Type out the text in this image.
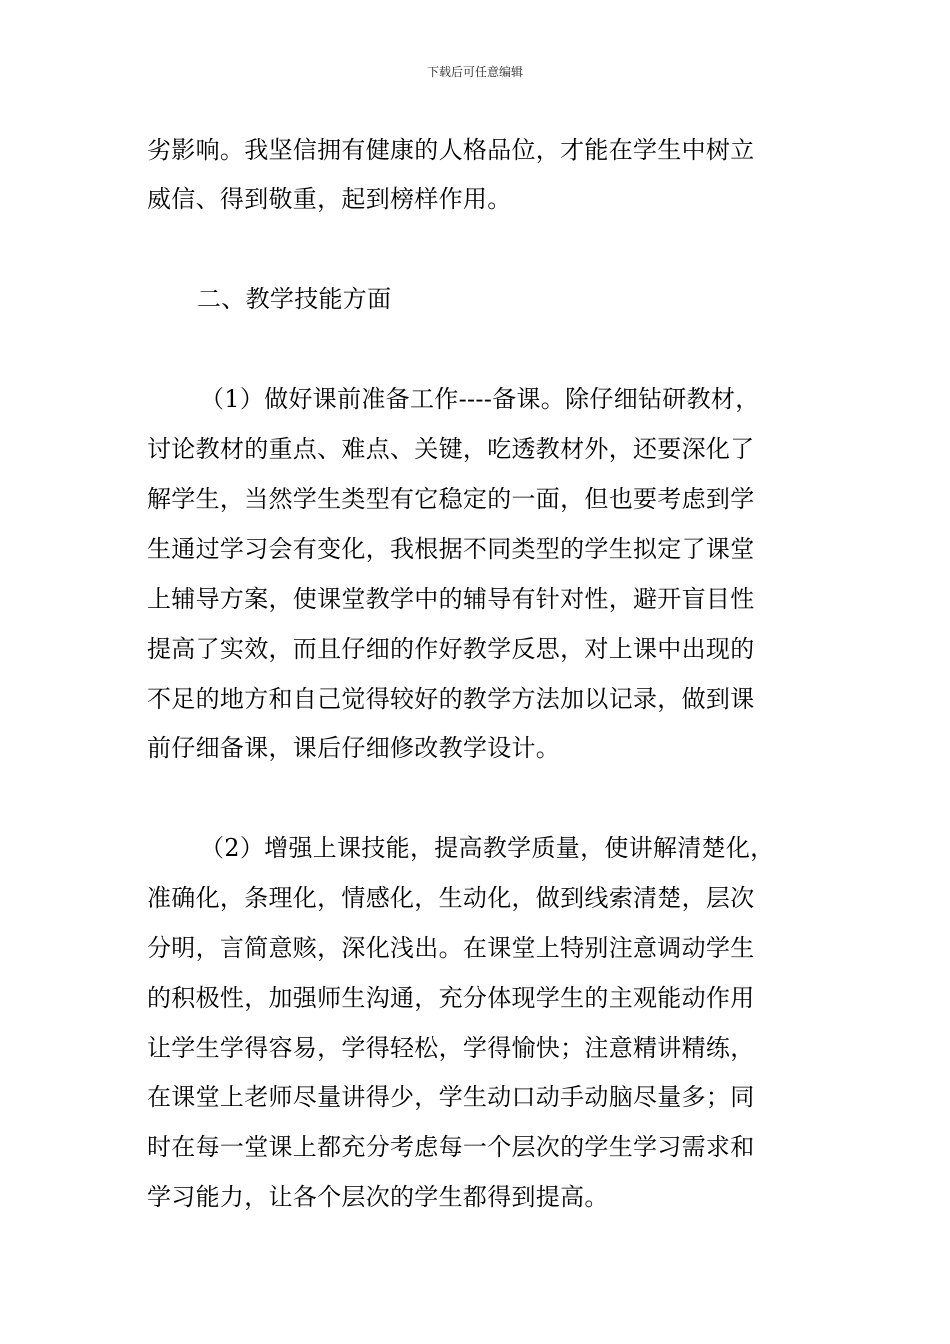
下载后可任意编辑
劣影响。我坚信拥有健康的人格品位，才能在学生中树立
威信、得到敬重，起到榜样作用。
二、教学技能方面
（1）做好课前准备工作----备课。除仔细钻研教材，
讨论教材的重点、难点、关键，吃透教材外，还要深化了
解学生，当然学生类型有它稳定的一面，但也要考虑到学
生通过学习会有变化，我根据不同类型的学生拟定了课堂
上辅导方案，使课堂教学中的辅导有针对性，避开盲目性
提高了实效，而且仔细的作好教学反思，对上课中出现的
不足的地方和自己觉得较好的教学方法加以记录，做到课
前仔细备课，课后仔细修改教学设计。
（2）增强上课技能，提高教学质量，使讲解清楚化，
准确化，条理化，情感化，生动化，做到线索清楚，层次
分明，言简意赅，深化浅出。在课堂上特别注意调动学生
的积极性，加强师生沟通，充分体现学生的主观能动作用
让学生学得容易，学得轻松，学得愉快；注意精讲精练，
在课堂上老师尽量讲得少，学生动口动手动脑尽量多；同
时在每一堂课上都充分考虑每一个层次的学生学习需求和
学习能力，让各个层次的学生都得到提高。
